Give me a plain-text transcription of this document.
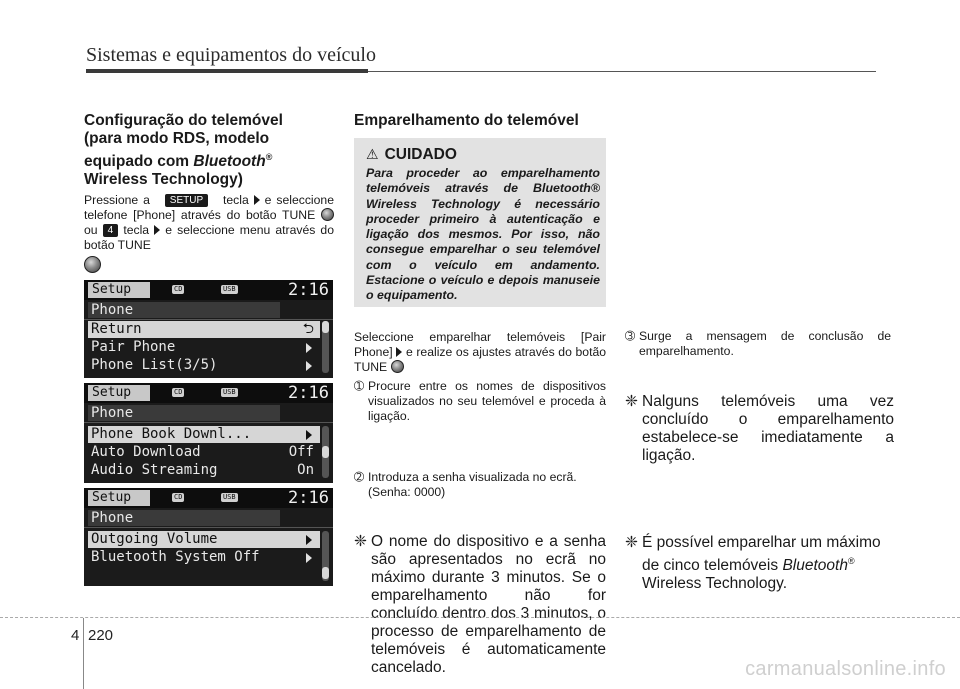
Sistemas e equipamentos do veículo
Configuração do telemóvel
(para modo RDS, modelo
equipado com Bluetooth®
Wireless Technology)
Pressione a SETUP tecla e seleccione telefone [Phone] através do botão TUNE  ou 4 tecla e seleccione menu através do botão TUNE
Setup	CD	USB	2:16
Phone
Return	⮌
Pair Phone
Phone List(3/5)
Setup	CD	USB	2:16
Phone
Phone Book Downl...
Auto Download	Off
Audio Streaming	On
Setup	CD	USB	2:16
Phone
Outgoing Volume
Bluetooth System Off
Emparelhamento do telemóvel
⚠ CUIDADO
Para proceder ao emparelhamento telemóveis através de Bluetooth® Wireless Technology é necessário proceder primeiro à autenticação e ligação dos mesmos. Por isso, não consegue emparelhar o seu telemóvel com o veículo em andamento. Estacione o veículo e depois manuseie o equipamento.
Seleccione emparelhar telemóveis [Pair Phone] e realize os ajustes através do botão TUNE
➀ Procure entre os nomes de dispositivos visualizados no seu telemóvel e proceda à ligação.
➁ Introduza a senha visualizada no ecrã. (Senha: 0000)
❈ O nome do dispositivo e a senha são apresentados no ecrã no máximo durante 3 minutos. Se o emparelhamento não for concluído dentro dos 3 minutos, o processo de emparelhamento de telemóveis é automaticamente cancelado.
➂ Surge a mensagem de conclusão de emparelhamento.
❈ Nalguns telemóveis uma vez concluído o emparelhamento estabelece-se imediatamente a ligação.
❈ É possível emparelhar um máximo de cinco telemóveis Bluetooth® Wireless Technology.
4 220
carmanualsonline.info
